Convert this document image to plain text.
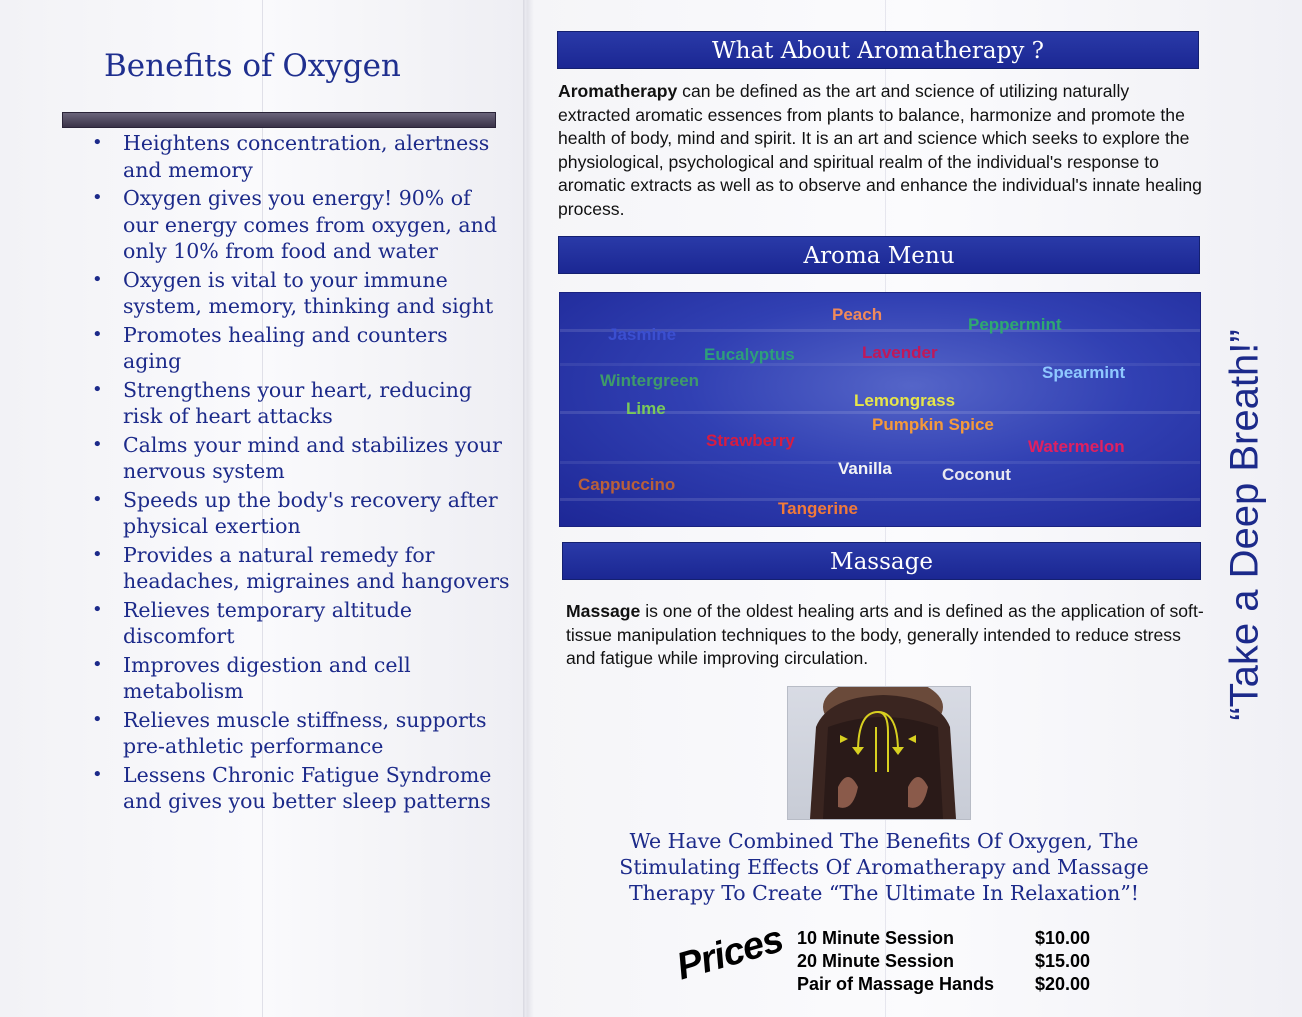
Benefits of Oxygen
• Heightens concentration, alertness and memory
• Oxygen gives you energy! 90% of our energy comes from oxygen, and only 10% from food and water
• Oxygen is vital to your immune system, memory, thinking and sight
• Promotes healing and counters aging
• Strengthens your heart, reducing risk of heart attacks
• Calms your mind and stabilizes your nervous system
• Speeds up the body's recovery after physical exertion
• Provides a natural remedy for headaches, migraines and hangovers
• Relieves temporary altitude discomfort
• Improves digestion and cell metabolism
• Relieves muscle stiffness, supports pre-athletic performance
• Lessens Chronic Fatigue Syndrome and gives you better sleep patterns
What About Aromatherapy ?
Aromatherapy can be defined as the art and science of utilizing naturally extracted aromatic essences from plants to balance, harmonize and promote the health of body, mind and spirit. It is an art and science which seeks to explore the physiological, psychological and spiritual realm of the individual's response to aromatic extracts as well as to observe and enhance the individual's innate healing process.
Aroma Menu
Peach
Peppermint
Jasmine
Eucalyptus	Lavender
Spearmint
Wintergreen
Lime	Lemongrass
Pumpkin Spice
Strawberry	Watermelon
Vanilla	Coconut
Cappuccino
Tangerine
Massage
Massage is one of the oldest healing arts and is defined as the application of soft-tissue manipulation techniques to the body, generally intended to reduce stress and fatigue while improving circulation.
We Have Combined The Benefits Of Oxygen, The Stimulating Effects Of Aromatherapy and Massage Therapy To Create “The Ultimate In Relaxation”!
Prices 10 Minute Session	$10.00
20 Minute Session	$15.00
Pair of Massage Hands $20.00
“Take a Deep Breath!”
